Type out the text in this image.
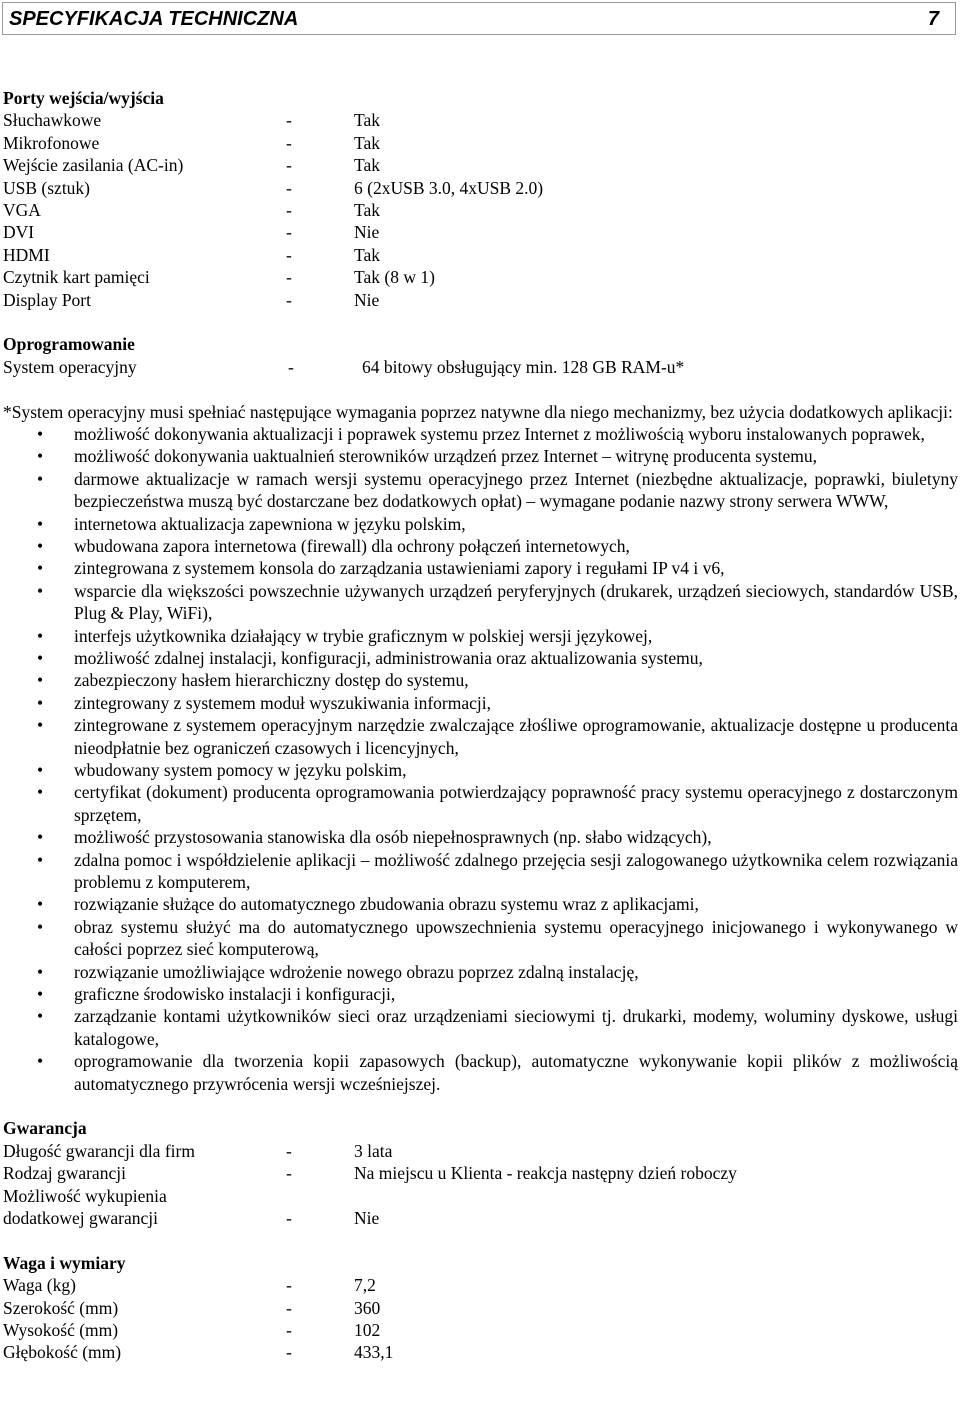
SPECYFIKACJA TECHNICZNA	7
Porty wejścia/wyjścia
Słuchawkowe	-	Tak
Mikrofonowe	-	Tak
Wejście zasilania (AC-in)	-	Tak
USB (sztuk)	-	6 (2xUSB 3.0, 4xUSB 2.0)
VGA	-	Tak
DVI	-	Nie
HDMI	-	Tak
Czytnik kart pamięci	-	Tak (8 w 1)
Display Port	-	Nie
Oprogramowanie
System operacyjny	-	64 bitowy obsługujący min. 128 GB RAM-u*
*System operacyjny musi spełniać następujące wymagania poprzez natywne dla niego mechanizmy, bez użycia dodatkowych aplikacji:
• możliwość dokonywania aktualizacji i poprawek systemu przez Internet z możliwością wyboru instalowanych poprawek,
• możliwość dokonywania uaktualnień sterowników urządzeń przez Internet – witrynę producenta systemu,
• darmowe aktualizacje w ramach wersji systemu operacyjnego przez Internet (niezbędne aktualizacje, poprawki, biuletyny bezpieczeństwa muszą być dostarczane bez dodatkowych opłat) – wymagane podanie nazwy strony serwera WWW,
• internetowa aktualizacja zapewniona w języku polskim,
• wbudowana zapora internetowa (firewall) dla ochrony połączeń internetowych,
• zintegrowana z systemem konsola do zarządzania ustawieniami zapory i regułami IP v4 i v6,
• wsparcie dla większości powszechnie używanych urządzeń peryferyjnych (drukarek, urządzeń sieciowych, standardów USB, Plug & Play, WiFi),
• interfejs użytkownika działający w trybie graficznym w polskiej wersji językowej,
• możliwość zdalnej instalacji, konfiguracji, administrowania oraz aktualizowania systemu,
• zabezpieczony hasłem hierarchiczny dostęp do systemu,
• zintegrowany z systemem moduł wyszukiwania informacji,
• zintegrowane z systemem operacyjnym narzędzie zwalczające złośliwe oprogramowanie, aktualizacje dostępne u producenta nieodpłatnie bez ograniczeń czasowych i licencyjnych,
• wbudowany system pomocy w języku polskim,
• certyfikat (dokument) producenta oprogramowania potwierdzający poprawność pracy systemu operacyjnego z dostarczonym sprzętem,
• możliwość przystosowania stanowiska dla osób niepełnosprawnych (np. słabo widzących),
• zdalna pomoc i współdzielenie aplikacji – możliwość zdalnego przejęcia sesji zalogowanego użytkownika celem rozwiązania problemu z komputerem,
• rozwiązanie służące do automatycznego zbudowania obrazu systemu wraz z aplikacjami,
• obraz systemu służyć ma do automatycznego upowszechnienia systemu operacyjnego inicjowanego i wykonywanego w całości poprzez sieć komputerową,
• rozwiązanie umożliwiające wdrożenie nowego obrazu poprzez zdalną instalację,
• graficzne środowisko instalacji i konfiguracji,
• zarządzanie kontami użytkowników sieci oraz urządzeniami sieciowymi tj. drukarki, modemy, woluminy dyskowe, usługi katalogowe,
• oprogramowanie dla tworzenia kopii zapasowych (backup), automatyczne wykonywanie kopii plików z możliwością automatycznego przywrócenia wersji wcześniejszej.
Gwarancja
Długość gwarancji dla firm	-	3 lata
Rodzaj gwarancji	-	Na miejscu u Klienta - reakcja następny dzień roboczy
Możliwość wykupienia
dodatkowej gwarancji	-	Nie
Waga i wymiary
Waga (kg)	-	7,2
Szerokość (mm)	-	360
Wysokość (mm)	-	102
Głębokość (mm)	-	433,1
